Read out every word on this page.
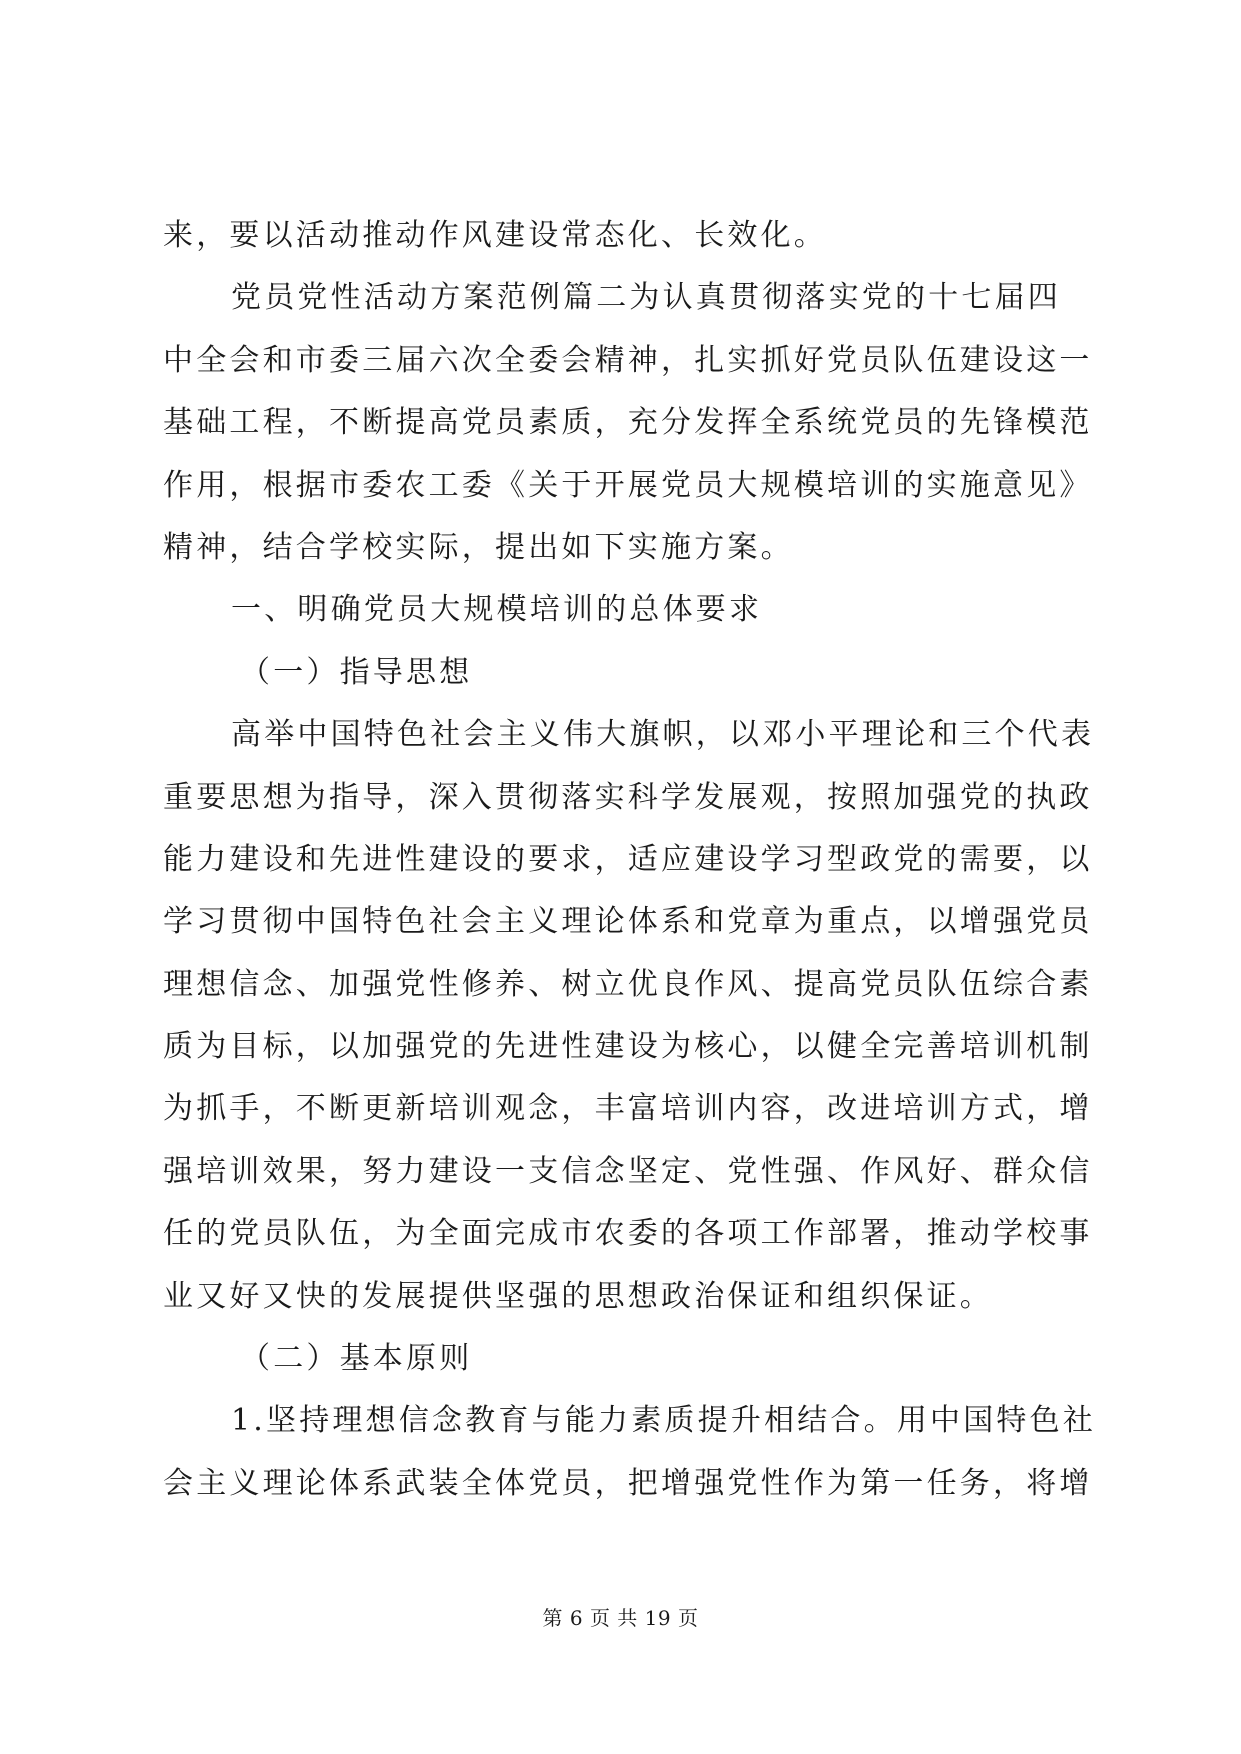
来，要以活动推动作风建设常态化、长效化。
党员党性活动方案范例篇二为认真贯彻落实党的十七届四
中全会和市委三届六次全委会精神，扎实抓好党员队伍建设这一
基础工程，不断提高党员素质，充分发挥全系统党员的先锋模范
作用，根据市委农工委《关于开展党员大规模培训的实施意见》
精神，结合学校实际，提出如下实施方案。
一、明确党员大规模培训的总体要求
（一）指导思想
高举中国特色社会主义伟大旗帜，以邓小平理论和三个代表
重要思想为指导，深入贯彻落实科学发展观，按照加强党的执政
能力建设和先进性建设的要求，适应建设学习型政党的需要，以
学习贯彻中国特色社会主义理论体系和党章为重点，以增强党员
理想信念、加强党性修养、树立优良作风、提高党员队伍综合素
质为目标，以加强党的先进性建设为核心，以健全完善培训机制
为抓手，不断更新培训观念，丰富培训内容，改进培训方式，增
强培训效果，努力建设一支信念坚定、党性强、作风好、群众信
任的党员队伍，为全面完成市农委的各项工作部署，推动学校事
业又好又快的发展提供坚强的思想政治保证和组织保证。
（二）基本原则
1.坚持理想信念教育与能力素质提升相结合。用中国特色社
会主义理论体系武装全体党员，把增强党性作为第一任务，将增
第 6 页 共 19 页
